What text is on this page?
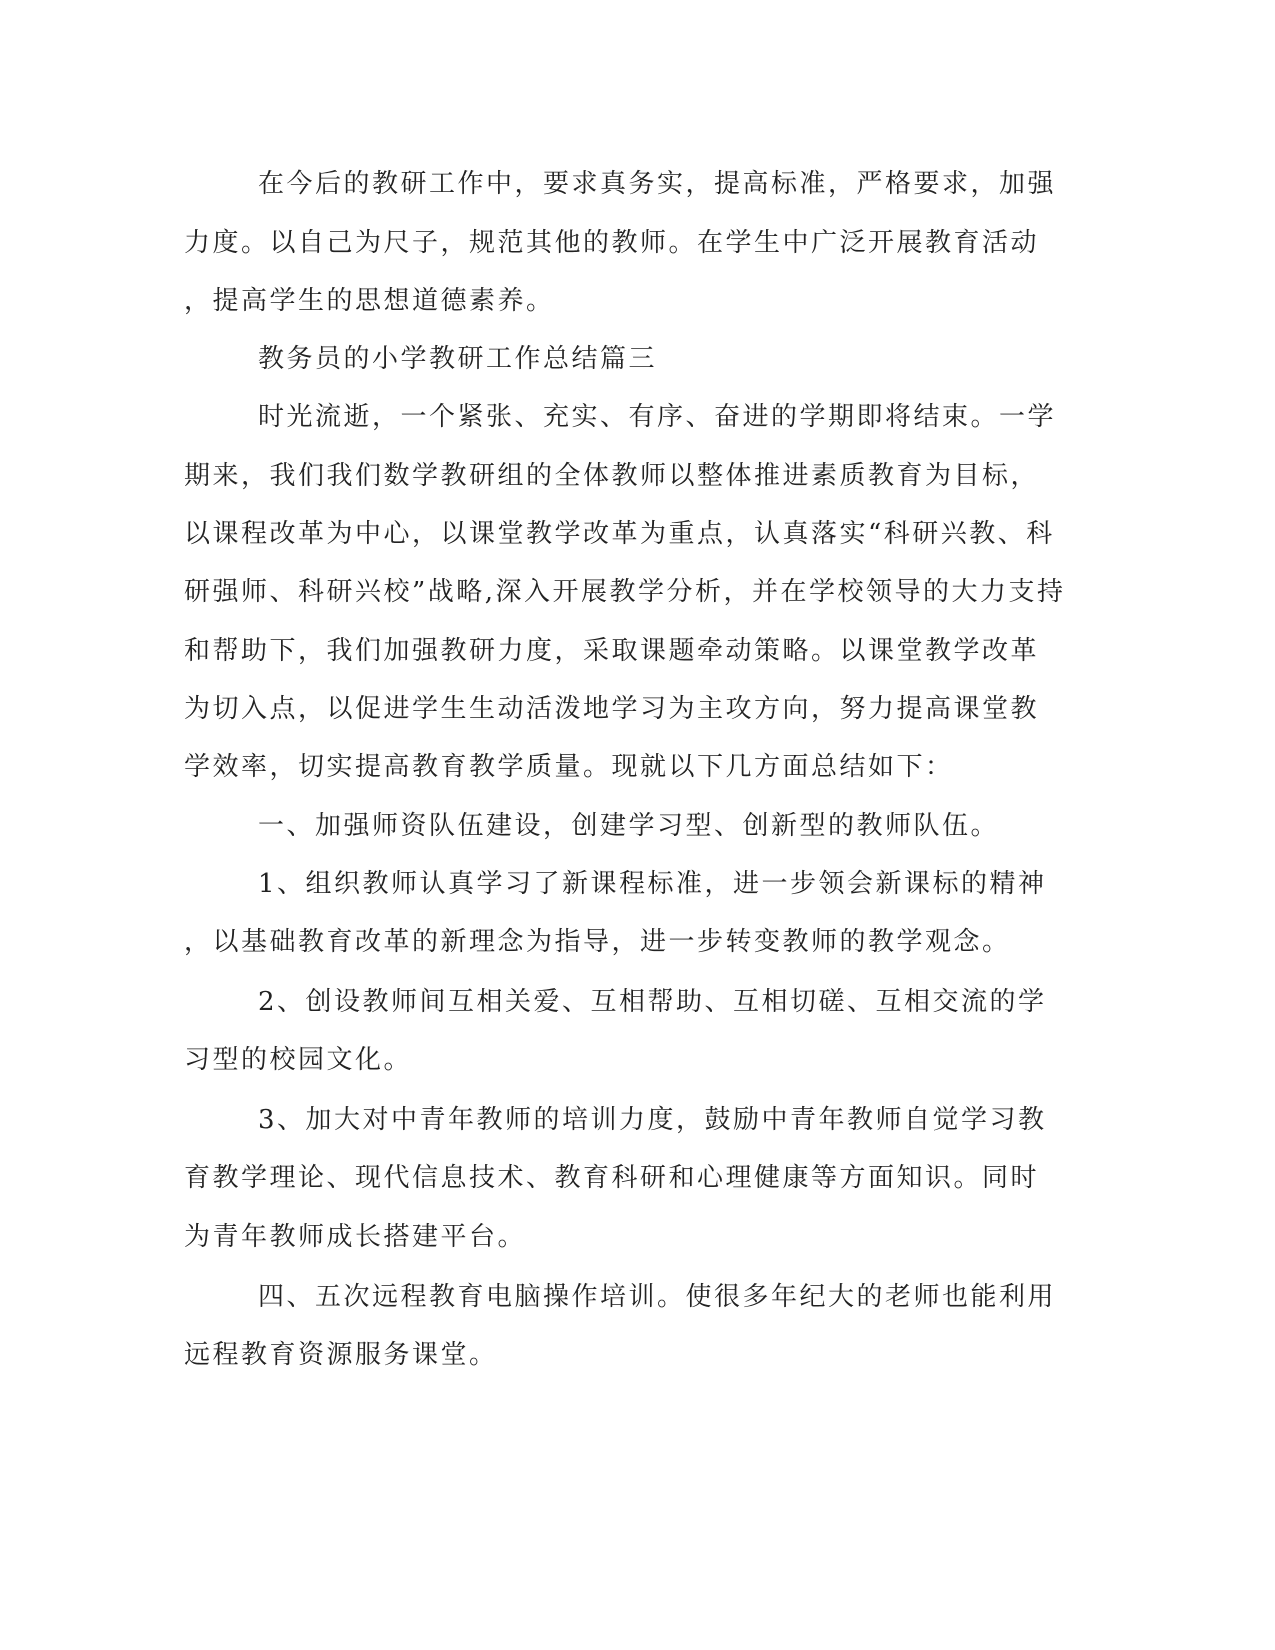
在今后的教研工作中，要求真务实，提高标准，严格要求，加强

力度。以自己为尺子，规范其他的教师。在学生中广泛开展教育活动

，提高学生的思想道德素养。

教务员的小学教研工作总结篇三

时光流逝，一个紧张、充实、有序、奋进的学期即将结束。一学

期来，我们我们数学教研组的全体教师以整体推进素质教育为目标，

以课程改革为中心，以课堂教学改革为重点，认真落实“科研兴教、科

研强师、科研兴校”战略,深入开展教学分析，并在学校领导的大力支持

和帮助下，我们加强教研力度，采取课题牵动策略。以课堂教学改革

为切入点，以促进学生生动活泼地学习为主攻方向，努力提高课堂教

学效率，切实提高教育教学质量。现就以下几方面总结如下：

一、加强师资队伍建设，创建学习型、创新型的教师队伍。

1、组织教师认真学习了新课程标准，进一步领会新课标的精神

，以基础教育改革的新理念为指导，进一步转变教师的教学观念。

2、创设教师间互相关爱、互相帮助、互相切磋、互相交流的学

习型的校园文化。

3、加大对中青年教师的培训力度，鼓励中青年教师自觉学习教

育教学理论、现代信息技术、教育科研和心理健康等方面知识。同时

为青年教师成长搭建平台。

四、五次远程教育电脑操作培训。使很多年纪大的老师也能利用

远程教育资源服务课堂。
